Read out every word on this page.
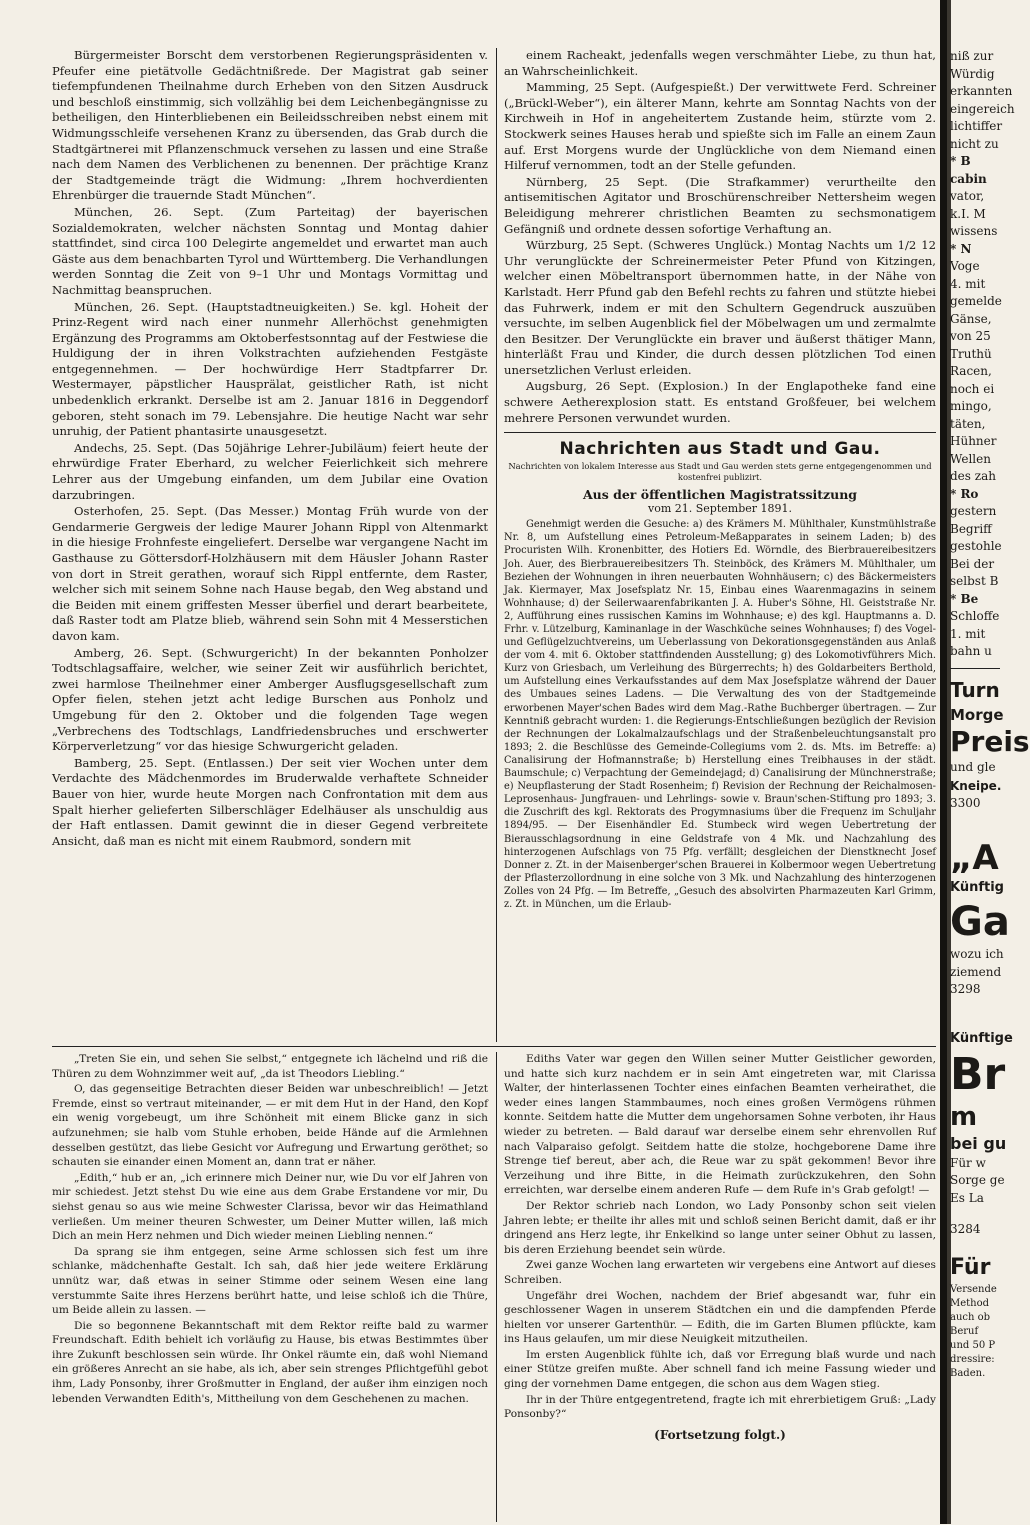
Bürgermeister Borscht dem verstorbenen Regierungspräsidenten v. Pfeufer eine pietätvolle Gedächtnißrede. Der Magistrat gab seiner tiefempfundenen Theilnahme durch Erheben von den Sitzen Ausdruck und beschloß einstimmig, sich vollzählig bei dem Leichenbegängnisse zu betheiligen, den Hinterbliebenen ein Beileidsschreiben nebst einem mit Widmungsschleife versehenen Kranz zu übersenden, das Grab durch die Stadtgärtnerei mit Pflanzenschmuck versehen zu lassen und eine Straße nach dem Namen des Verblichenen zu benennen. Der prächtige Kranz der Stadtgemeinde trägt die Widmung: „Ihrem hochverdienten Ehrenbürger die trauernde Stadt München“.

München, 26. Sept. (Zum Parteitag) der bayerischen Sozialdemokraten, welcher nächsten Sonntag und Montag dahier stattfindet, sind circa 100 Delegirte angemeldet und erwartet man auch Gäste aus dem benachbarten Tyrol und Württemberg. Die Verhandlungen werden Sonntag die Zeit von 9–1 Uhr und Montags Vormittag und Nachmittag beanspruchen.

München, 26. Sept. (Hauptstadtneuigkeiten.) Se. kgl. Hoheit der Prinz-Regent wird nach einer nunmehr Allerhöchst genehmigten Ergänzung des Programms am Oktoberfestsonntag auf der Festwiese die Huldigung der in ihren Volkstrachten aufziehenden Festgäste entgegennehmen. — Der hochwürdige Herr Stadtpfarrer Dr. Westermayer, päpstlicher Hausprälat, geistlicher Rath, ist nicht unbedenklich erkrankt. Derselbe ist am 2. Januar 1816 in Deggendorf geboren, steht sonach im 79. Lebensjahre. Die heutige Nacht war sehr unruhig, der Patient phantasirte unausgesetzt.

Andechs, 25. Sept. (Das 50jährige Lehrer-Jubiläum) feiert heute der ehrwürdige Frater Eberhard, zu welcher Feierlichkeit sich mehrere Lehrer aus der Umgebung einfanden, um dem Jubilar eine Ovation darzubringen.

Osterhofen, 25. Sept. (Das Messer.) Montag Früh wurde von der Gendarmerie Gergweis der ledige Maurer Johann Rippl von Altenmarkt in die hiesige Frohnfeste eingeliefert. Derselbe war vergangene Nacht im Gasthause zu Göttersdorf-Holzhäusern mit dem Häusler Johann Raster von dort in Streit gerathen, worauf sich Rippl entfernte, dem Raster, welcher sich mit seinem Sohne nach Hause begab, den Weg abstand und die Beiden mit einem griffesten Messer überfiel und derart bearbeitete, daß Raster todt am Platze blieb, während sein Sohn mit 4 Messerstichen davon kam.

Amberg, 26. Sept. (Schwurgericht) In der bekannten Ponholzer Todtschlagsaffaire, welcher, wie seiner Zeit wir ausführlich berichtet, zwei harmlose Theilnehmer einer Amberger Ausflugsgesellschaft zum Opfer fielen, stehen jetzt acht ledige Burschen aus Ponholz und Umgebung für den 2. Oktober und die folgenden Tage wegen „Verbrechens des Todtschlags, Landfriedensbruches und erschwerter Körperverletzung“ vor das hiesige Schwurgericht geladen.

Bamberg, 25. Sept. (Entlassen.) Der seit vier Wochen unter dem Verdachte des Mädchenmordes im Bruderwalde verhaftete Schneider Bauer von hier, wurde heute Morgen nach Confrontation mit dem aus Spalt hierher gelieferten Silberschläger Edelhäuser als unschuldig aus der Haft entlassen. Damit gewinnt die in dieser Gegend verbreitete Ansicht, daß man es nicht mit einem Raubmord, sondern mit

einem Racheakt, jedenfalls wegen verschmähter Liebe, zu thun hat, an Wahrscheinlichkeit.

Mamming, 25 Sept. (Aufgespießt.) Der verwittwete Ferd. Schreiner („Brückl-Weber“), ein älterer Mann, kehrte am Sonntag Nachts von der Kirchweih in Hof in angeheitertem Zustande heim, stürzte vom 2. Stockwerk seines Hauses herab und spießte sich im Falle an einem Zaun auf. Erst Morgens wurde der Unglückliche von dem Niemand einen Hilferuf vernommen, todt an der Stelle gefunden.

Nürnberg, 25 Sept. (Die Strafkammer) verurtheilte den antisemitischen Agitator und Broschürenschreiber Nettersheim wegen Beleidigung mehrerer christlichen Beamten zu sechsmonatigem Gefängniß und ordnete dessen sofortige Verhaftung an.

Würzburg, 25 Sept. (Schweres Unglück.) Montag Nachts um 1/2 12 Uhr verunglückte der Schreinermeister Peter Pfund von Kitzingen, welcher einen Möbeltransport übernommen hatte, in der Nähe von Karlstadt. Herr Pfund gab den Befehl rechts zu fahren und stützte hiebei das Fuhrwerk, indem er mit den Schultern Gegendruck auszuüben versuchte, im selben Augenblick fiel der Möbelwagen um und zermalmte den Besitzer. Der Verunglückte ein braver und äußerst thätiger Mann, hinterläßt Frau und Kinder, die durch dessen plötzlichen Tod einen unersetzlichen Verlust erleiden.

Augsburg, 26 Sept. (Explosion.) In der Englapotheke fand eine schwere Aetherexplosion statt. Es entstand Großfeuer, bei welchem mehrere Personen verwundet wurden.

Nachrichten aus Stadt und Gau.
Nachrichten von lokalem Interesse aus Stadt und Gau werden stets gerne entgegengenommen und kostenfrei publizirt.
Aus der öffentlichen Magistratssitzung
vom 21. September 1891.

Genehmigt werden die Gesuche: a) des Krämers M. Mühlthaler, Kunstmühlstraße Nr. 8, um Aufstellung eines Petroleum-Meßapparates in seinem Laden; b) des Procuristen Wilh. Kronenbitter, des Hotiers Ed. Wörndle, des Bierbrauereibesitzers Joh. Auer, des Bierbrauereibesitzers Th. Steinböck, des Krämers M. Mühlthaler, um Beziehen der Wohnungen in ihren neuerbauten Wohnhäusern; c) des Bäckermeisters Jak. Kiermayer, Max Josefsplatz Nr. 15, Einbau eines Waarenmagazins in seinem Wohnhause; d) der Seilerwaarenfabrikanten J. A. Huber's Söhne, Hl. Geiststraße Nr. 2, Aufführung eines russischen Kamins im Wohnhause; e) des kgl. Hauptmanns a. D. Frhr. v. Lützelburg, Kaminanlage in der Waschküche seines Wohnhauses; f) des Vogel- und Geflügelzuchtvereins, um Ueberlassung von Dekorationsgegenständen aus Anlaß der vom 4. mit 6. Oktober stattfindenden Ausstellung; g) des Lokomotivführers Mich. Kurz von Griesbach, um Verleihung des Bürgerrechts; h) des Goldarbeiters Berthold, um Aufstellung eines Verkaufsstandes auf dem Max Josefsplatze während der Dauer des Umbaues seines Ladens. — Die Verwaltung des von der Stadtgemeinde erworbenen Mayer'schen Bades wird dem Mag.-Rathe Buchberger übertragen. — Zur Kenntniß gebracht wurden: 1. die Regierungs-Entschließungen bezüglich der Revision der Rechnungen der Lokalmalzaufschlags und der Straßenbeleuchtungsanstalt pro 1893; 2. die Beschlüsse des Gemeinde-Collegiums vom 2. ds. Mts. im Betreffe: a) Canalisirung der Hofmannstraße; b) Herstellung eines Treibhauses in der städt. Baumschule; c) Verpachtung der Gemeindejagd; d) Canalisirung der Münchnerstraße; e) Neupflasterung der Stadt Rosenheim; f) Revision der Rechnung der Reichalmosen-Leprosenhaus- Jungfrauen- und Lehrlings- sowie v. Braun'schen-Stiftung pro 1893; 3. die Zuschrift des kgl. Rektorats des Progymnasiums über die Frequenz im Schuljahr 1894/95. — Der Eisenhändler Ed. Stumbeck wird wegen Uebertretung der Bierausschlagsordnung in eine Geldstrafe von 4 Mk. und Nachzahlung des hinterzogenen Aufschlags von 75 Pfg. verfällt; desgleichen der Dienstknecht Josef Donner z. Zt. in der Maisenberger'schen Brauerei in Kolbermoor wegen Uebertretung der Pflasterzollordnung in eine solche von 3 Mk. und Nachzahlung des hinterzogenen Zolles von 24 Pfg. — Im Betreffe, „Gesuch des absolvirten Pharmazeuten Karl Grimm, z. Zt. in München, um die Erlaub-

„Treten Sie ein, und sehen Sie selbst,“ entgegnete ich lächelnd und riß die Thüren zu dem Wohnzimmer weit auf, „da ist Theodors Liebling.“

O, das gegenseitige Betrachten dieser Beiden war unbeschreiblich! — Jetzt Fremde, einst so vertraut miteinander, — er mit dem Hut in der Hand, den Kopf ein wenig vorgebeugt, um ihre Schönheit mit einem Blicke ganz in sich aufzunehmen; sie halb vom Stuhle erhoben, beide Hände auf die Armlehnen desselben gestützt, das liebe Gesicht vor Aufregung und Erwartung geröthet; so schauten sie einander einen Moment an, dann trat er näher.

„Edith,“ hub er an, „ich erinnere mich Deiner nur, wie Du vor elf Jahren von mir schiedest. Jetzt stehst Du wie eine aus dem Grabe Erstandene vor mir, Du siehst genau so aus wie meine Schwester Clarissa, bevor wir das Heimathland verließen. Um meiner theuren Schwester, um Deiner Mutter willen, laß mich Dich an mein Herz nehmen und Dich wieder meinen Liebling nennen.“

Da sprang sie ihm entgegen, seine Arme schlossen sich fest um ihre schlanke, mädchenhafte Gestalt. Ich sah, daß hier jede weitere Erklärung unnütz war, daß etwas in seiner Stimme oder seinem Wesen eine lang verstummte Saite ihres Herzens berührt hatte, und leise schloß ich die Thüre, um Beide allein zu lassen. —

Die so begonnene Bekanntschaft mit dem Rektor reifte bald zu warmer Freundschaft. Edith behielt ich vorläufig zu Hause, bis etwas Bestimmtes über ihre Zukunft beschlossen sein würde. Ihr Onkel räumte ein, daß wohl Niemand ein größeres Anrecht an sie habe, als ich, aber sein strenges Pflichtgefühl gebot ihm, Lady Ponsonby, ihrer Großmutter in England, der außer ihm einzigen noch lebenden Verwandten Edith's, Mittheilung von dem Geschehenen zu machen.

Ediths Vater war gegen den Willen seiner Mutter Geistlicher geworden, und hatte sich kurz nachdem er in sein Amt eingetreten war, mit Clarissa Walter, der hinterlassenen Tochter eines einfachen Beamten verheirathet, die weder eines langen Stammbaumes, noch eines großen Vermögens rühmen konnte. Seitdem hatte die Mutter dem ungehorsamen Sohne verboten, ihr Haus wieder zu betreten. — Bald darauf war derselbe einem sehr ehrenvollen Ruf nach Valparaiso gefolgt. Seitdem hatte die stolze, hochgeborene Dame ihre Strenge tief bereut, aber ach, die Reue war zu spät gekommen! Bevor ihre Verzeihung und ihre Bitte, in die Heimath zurückzukehren, den Sohn erreichten, war derselbe einem anderen Rufe — dem Rufe in's Grab gefolgt! —

Der Rektor schrieb nach London, wo Lady Ponsonby schon seit vielen Jahren lebte; er theilte ihr alles mit und schloß seinen Bericht damit, daß er ihr dringend ans Herz legte, ihr Enkelkind so lange unter seiner Obhut zu lassen, bis deren Erziehung beendet sein würde.

Zwei ganze Wochen lang erwarteten wir vergebens eine Antwort auf dieses Schreiben.

Ungefähr drei Wochen, nachdem der Brief abgesandt war, fuhr ein geschlossener Wagen in unserem Städtchen ein und die dampfenden Pferde hielten vor unserer Gartenthür. — Edith, die im Garten Blumen pflückte, kam ins Haus gelaufen, um mir diese Neuigkeit mitzutheilen.

Im ersten Augenblick fühlte ich, daß vor Erregung blaß wurde und nach einer Stütze greifen mußte. Aber schnell fand ich meine Fassung wieder und ging der vornehmen Dame entgegen, die schon aus dem Wagen stieg.

Ihr in der Thüre entgegentretend, fragte ich mit ehrerbietigem Gruß: „Lady Ponsonby?“

(Fortsetzung folgt.)

niß zur

Würdig

erkannten

eingereich

lichtiffer

nicht zu

* B

cabin

vator,

k.I. M

wissens

* N

Voge

4. mit

gemelde

Gänse,

von 25

Truthü

Racen,

noch ei

mingo,

täten,

Hühner

Wellen

des zah

* Ro

gestern

Begriff

gestohle

Bei der

selbst B

* Be

Schloffe

1. mit

bahn u

Turn

Morge

Preis

und gle

Kneipe.

3300

„A

Künftig

Ga

wozu ich

ziemend

3298

Künftige

Br

m

bei gu

Für w

Sorge ge

Es La

3284

Für

Versende

Method

auch ob

Beruf

und 50 P

dressire:

Baden.
